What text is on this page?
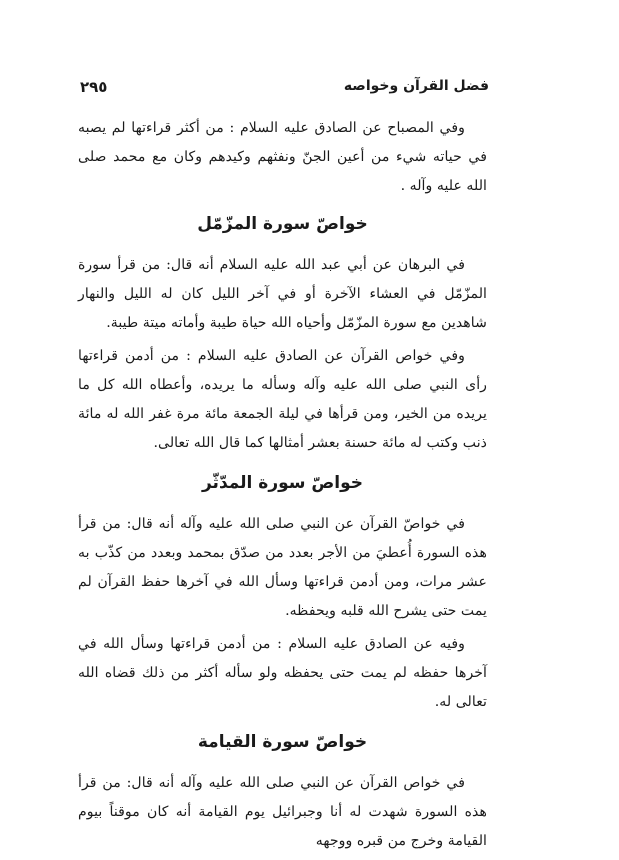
فضل القرآن وخواصه
٢٩٥

وفي المصباح عن الصادق عليه السلام : من أكثر قراءتها لم يصبه في حياته شيء من أعين الجنّ ونفثهم وكيدهم وكان مع محمد صلى الله عليه وآله .

خواصّ سورة المزّمّل

في البرهان عن أبي عبد الله عليه السلام أنه قال: من قرأ سورة المزّمّل في العشاء الآخرة أو في آخر الليل كان له الليل والنهار شاهدين مع سورة المزّمّل وأحياه الله حياة طيبة وأماته ميتة طيبة.

وفي خواص القرآن عن الصادق عليه السلام : من أدمن قراءتها رأى النبي صلى الله عليه وآله وسأله ما يريده، وأعطاه الله كل ما يريده من الخير، ومن قرأها في ليلة الجمعة مائة مرة غفر الله له مائة ذنب وكتب له مائة حسنة بعشر أمثالها كما قال الله تعالى.

خواصّ سورة المدّثّر

في خواصّ القرآن عن النبي صلى الله عليه وآله أنه قال: من قرأ هذه السورة أُعطيَ من الأجر بعدد من صدّق بمحمد وبعدد من كذّب به عشر مرات، ومن أدمن قراءتها وسأل الله في آخرها حفظ القرآن لم يمت حتى يشرح الله قلبه ويحفظه.

وفيه عن الصادق عليه السلام : من أدمن قراءتها وسأل الله في آخرها حفظه لم يمت حتى يحفظه ولو سأله أكثر من ذلك قضاه الله تعالى له.

خواصّ سورة القيامة

في خواص القرآن عن النبي صلى الله عليه وآله أنه قال: من قرأ هذه السورة شهدت له أنا وجبرائيل يوم القيامة أنه كان موقناً بيوم القيامة وخرج من قبره ووجهه
